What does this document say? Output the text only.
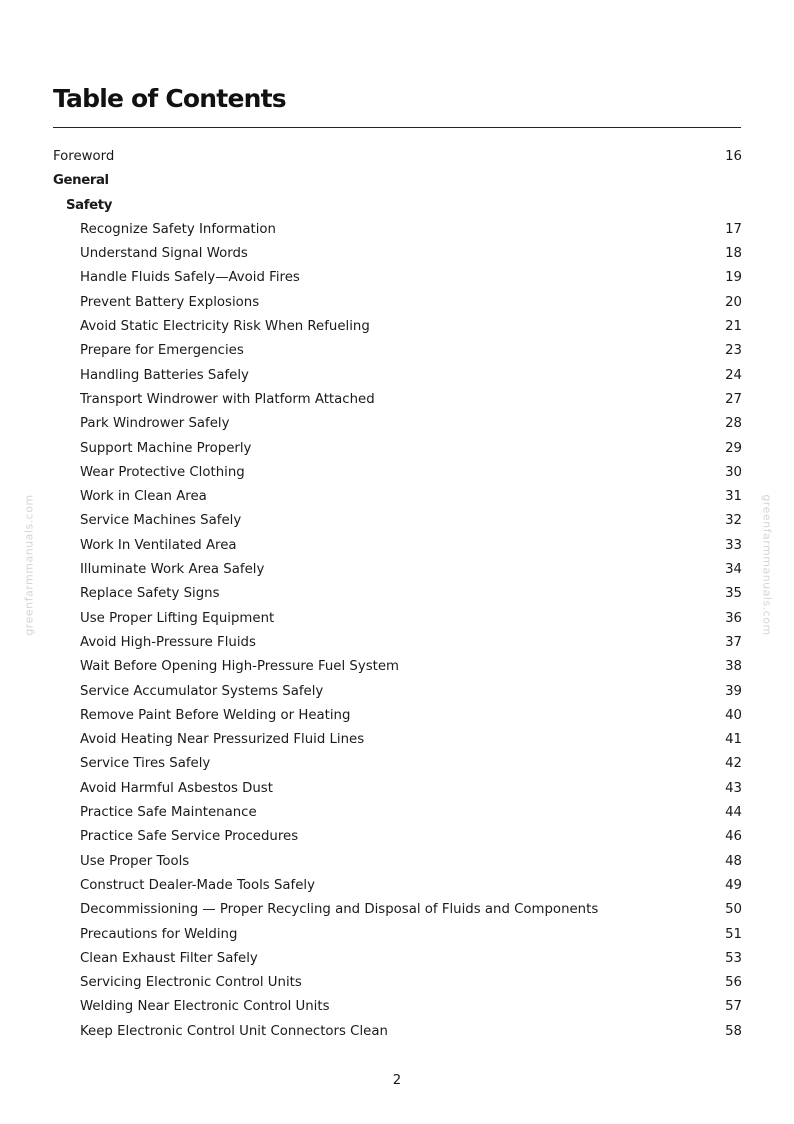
Table of Contents
Foreword	16
General
Safety
Recognize Safety Information	17
Understand Signal Words	18
Handle Fluids Safely—Avoid Fires	19
Prevent Battery Explosions	20
Avoid Static Electricity Risk When Refueling	21
Prepare for Emergencies	23
Handling Batteries Safely	24
Transport Windrower with Platform Attached	27
Park Windrower Safely	28
Support Machine Properly	29
Wear Protective Clothing	30
Work in Clean Area	31
Service Machines Safely	32
Work In Ventilated Area	33
Illuminate Work Area Safely	34
Replace Safety Signs	35
Use Proper Lifting Equipment	36
Avoid High-Pressure Fluids	37
Wait Before Opening High-Pressure Fuel System	38
Service Accumulator Systems Safely	39
Remove Paint Before Welding or Heating	40
Avoid Heating Near Pressurized Fluid Lines	41
Service Tires Safely	42
Avoid Harmful Asbestos Dust	43
Practice Safe Maintenance	44
Practice Safe Service Procedures	46
Use Proper Tools	48
Construct Dealer-Made Tools Safely	49
Decommissioning — Proper Recycling and Disposal of Fluids and Components	50
Precautions for Welding	51
Clean Exhaust Filter Safely	53
Servicing Electronic Control Units	56
Welding Near Electronic Control Units	57
Keep Electronic Control Unit Connectors Clean	58
greenfarmmanuals.com	greenfarmmanuals.com
2
